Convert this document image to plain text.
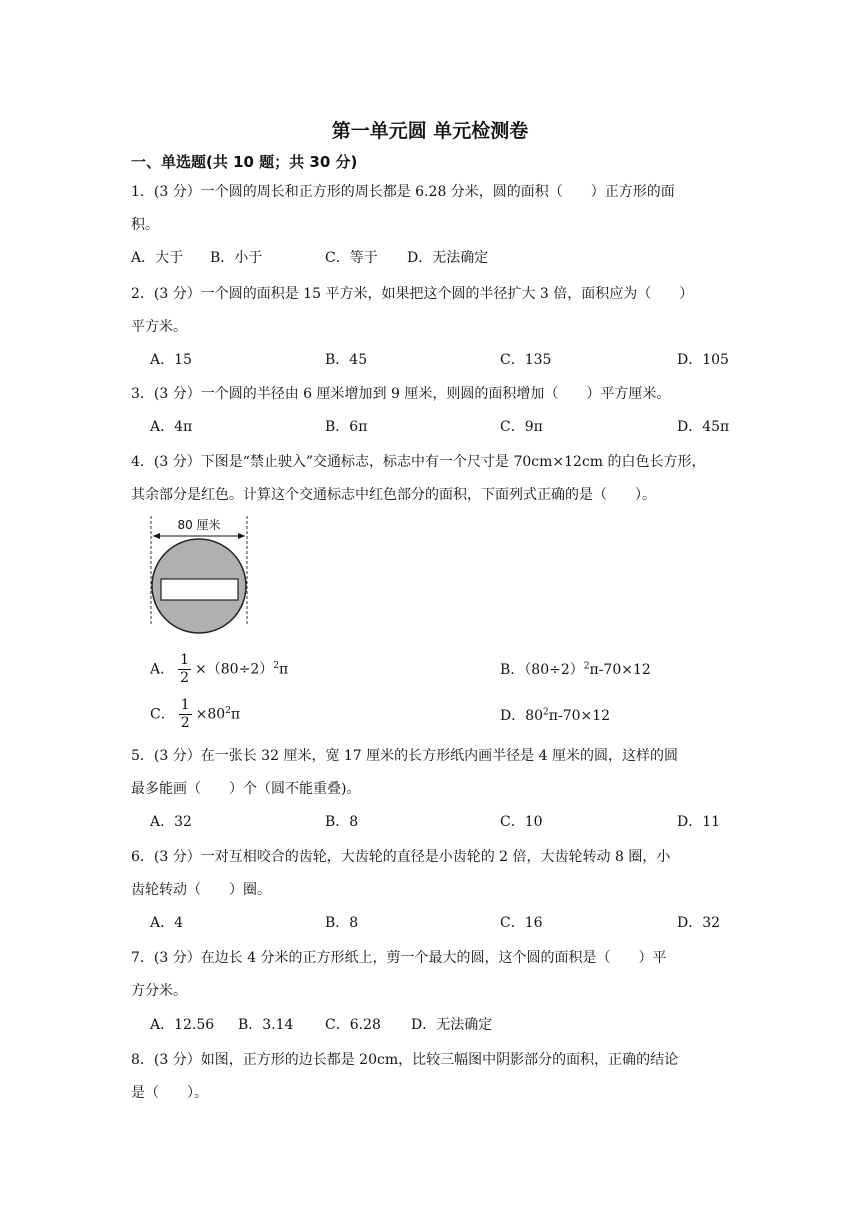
第一单元圆 单元检测卷
一、单选题(共 10 题；共 30 分)
1．(3 分）一个圆的周长和正方形的周长都是 6.28 分米，圆的面积（　　）正方形的面
积。
A．大于 B．小于	C．等于 D．无法确定
2．(3 分）一个圆的面积是 15 平方米，如果把这个圆的半径扩大 3 倍，面积应为（　　）
平方米。
A．15	B．45	C．135	D．105
3．(3 分）一个圆的半径由 6 厘米增加到 9 厘米，则圆的面积增加（　　）平方厘米。
A．4π	B．6π	C．9π	D．45π
4．(3 分）下图是“禁止驶入”交通标志，标志中有一个尺寸是 70cm×12cm 的白色长方形，
其余部分是红色。计算这个交通标志中红色部分的面积，下面列式正确的是（　　）。
80 厘米
A． $\frac{1}{2} \times(80\div 2)^2\pi$	B．$(80\div 2)^2\pi-70\times 12$
C． $\frac{1}{2} \times 80^2\pi$	D．$80^2\pi-70\times 12$
5．(3 分）在一张长 32 厘米，宽 17 厘米的长方形纸内画半径是 4 厘米的圆，这样的圆
最多能画（　　）个（圆不能重叠)。
A．32	B．8	C．10	D．11
6．(3 分）一对互相咬合的齿轮，大齿轮的直径是小齿轮的 2 倍，大齿轮转动 8 圈，小
齿轮转动（　　）圈。
A．4	B．8	C．16	D．32
7．(3 分）在边长 4 分米的正方形纸上，剪一个最大的圆，这个圆的面积是（　　）平
方分米。
A．12.56 B．3.14 C．6.28 D．无法确定
8．(3 分）如图，正方形的边长都是 20cm，比较三幅图中阴影部分的面积，正确的结论
是（　　）。
